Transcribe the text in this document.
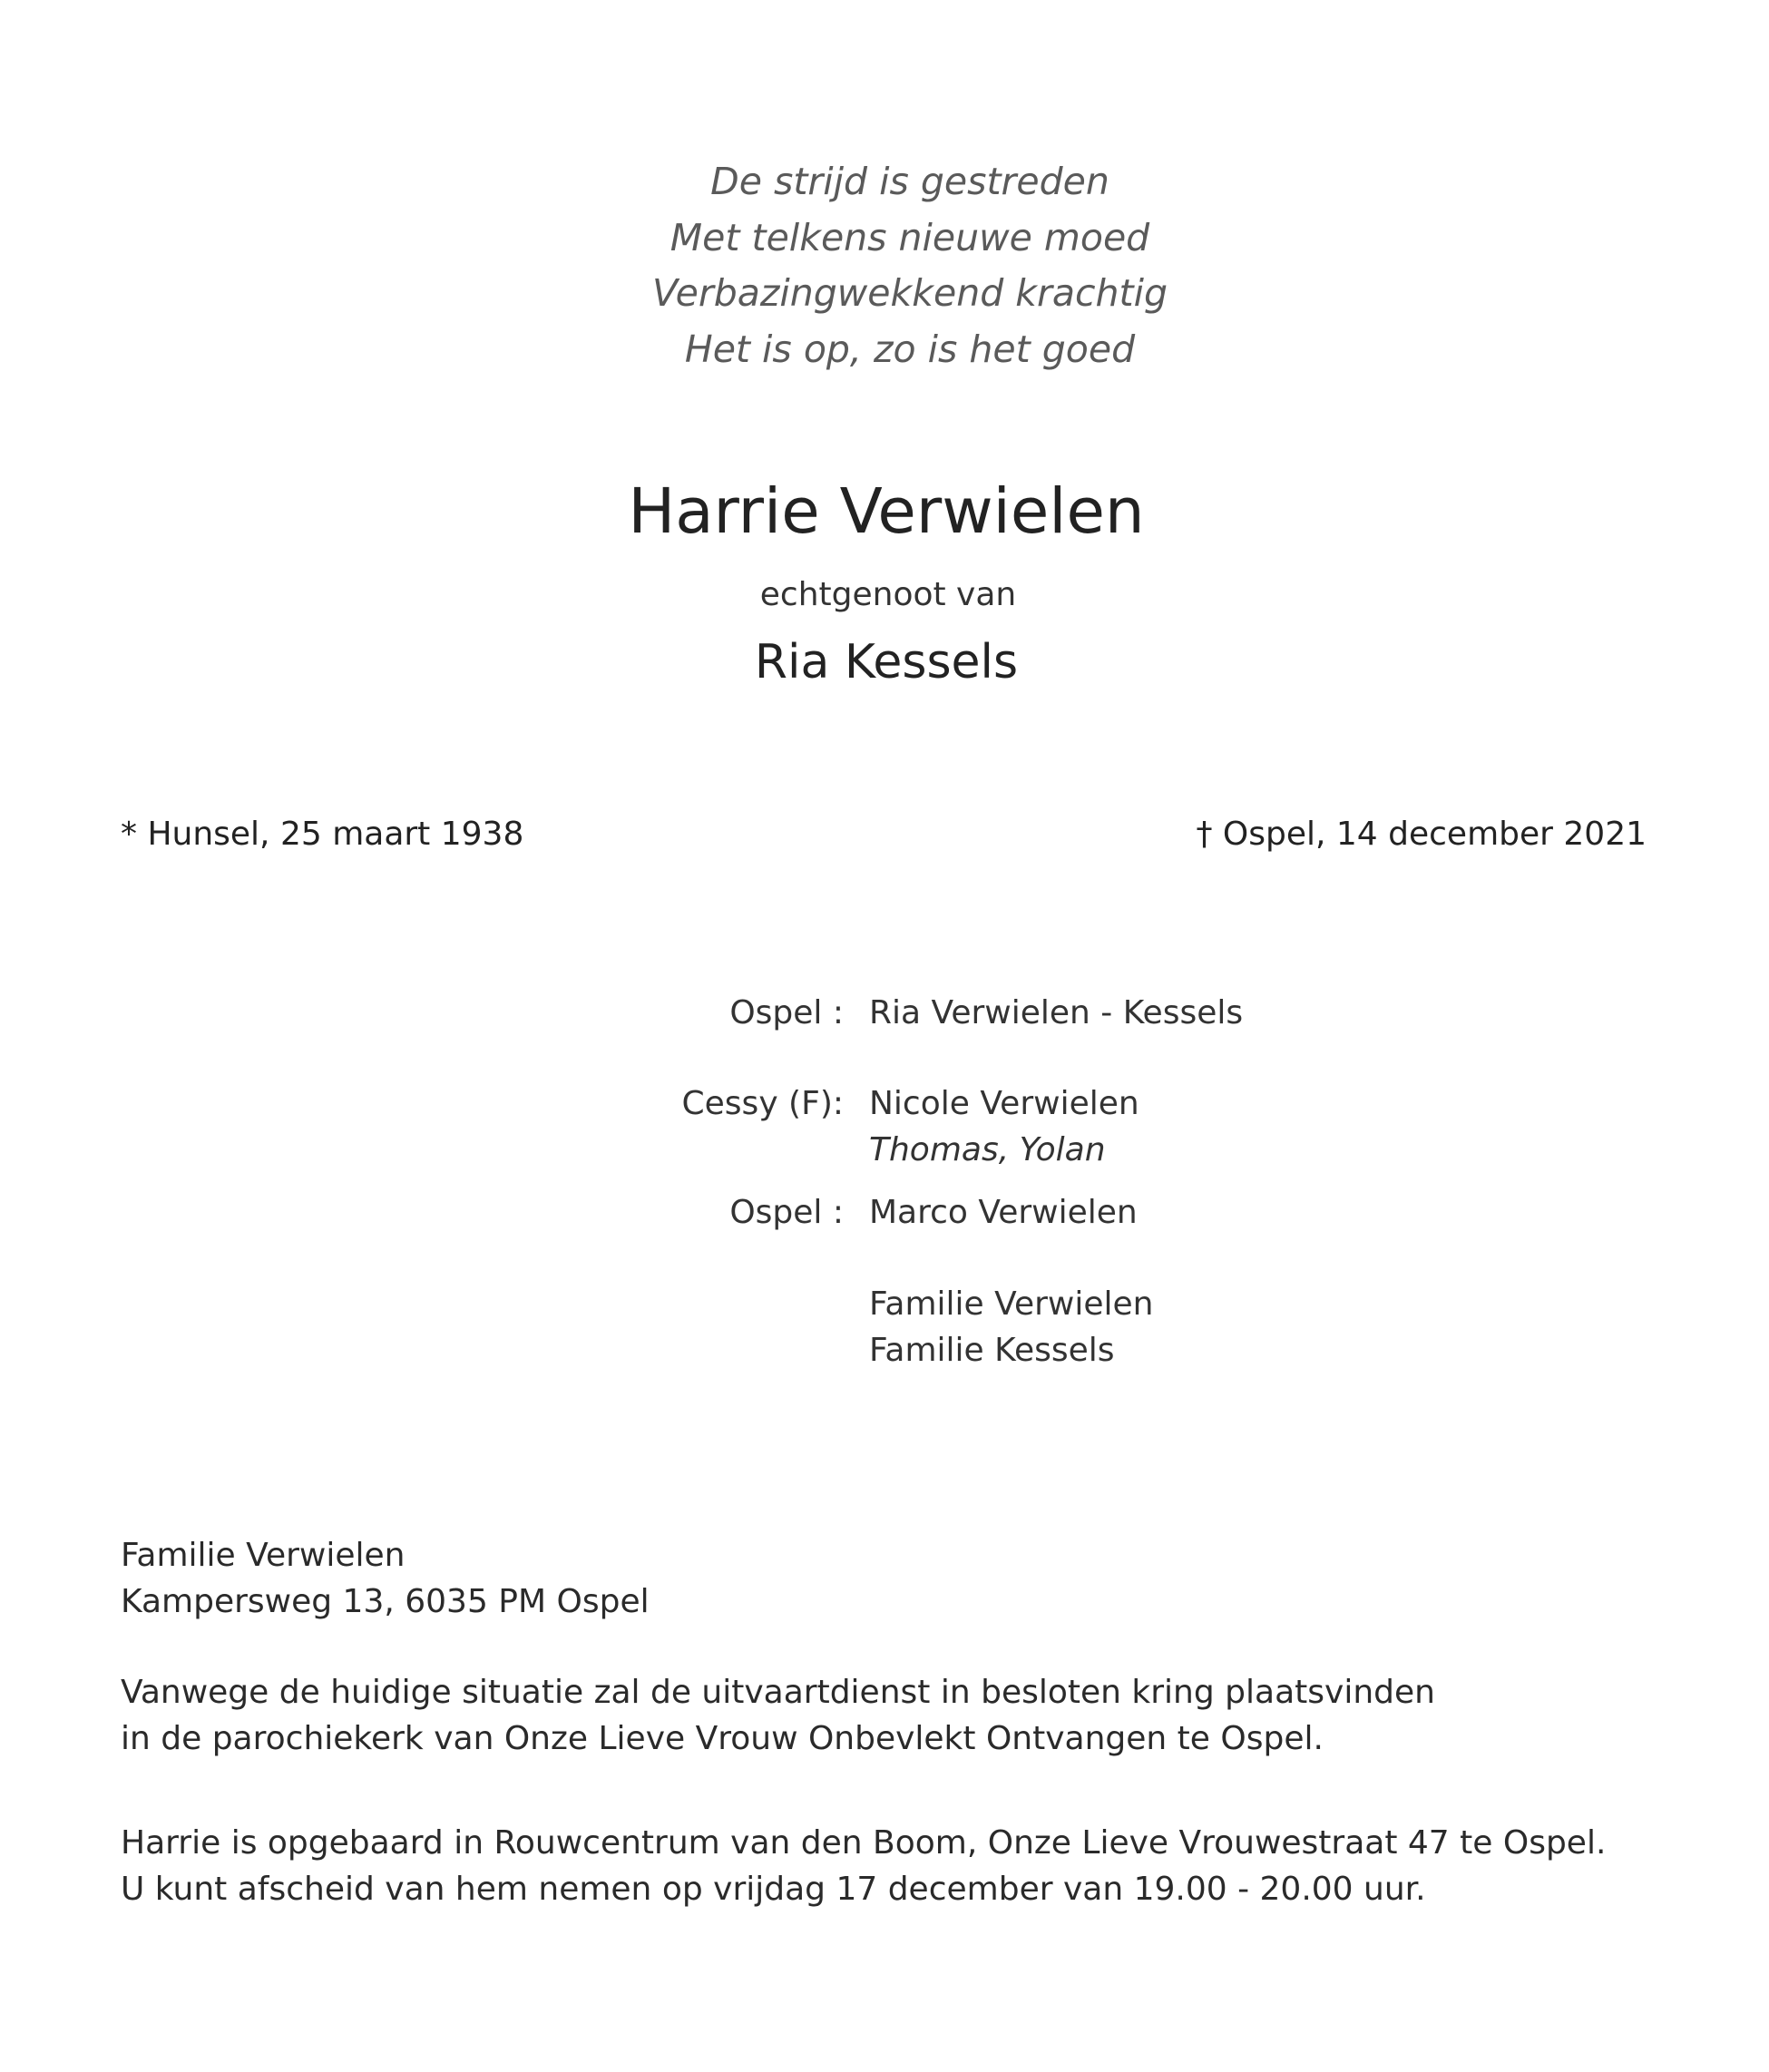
De strijd is gestreden
Met telkens nieuwe moed
Verbazingwekkend krachtig
Het is op, zo is het goed
Harrie Verwielen
echtgenoot van
Ria Kessels
* Hunsel, 25 maart 1938	† Ospel, 14 december 2021
Ospel : Ria Verwielen - Kessels
Cessy (F): Nicole Verwielen
Thomas, Yolan
Ospel : Marco Verwielen
Familie Verwielen
Familie Kessels
Familie Verwielen
Kampersweg 13, 6035 PM Ospel
Vanwege de huidige situatie zal de uitvaartdienst in besloten kring plaatsvinden
in de parochiekerk van Onze Lieve Vrouw Onbevlekt Ontvangen te Ospel.
Harrie is opgebaard in Rouwcentrum van den Boom, Onze Lieve Vrouwestraat 47 te Ospel.
U kunt afscheid van hem nemen op vrijdag 17 december van 19.00 - 20.00 uur.
